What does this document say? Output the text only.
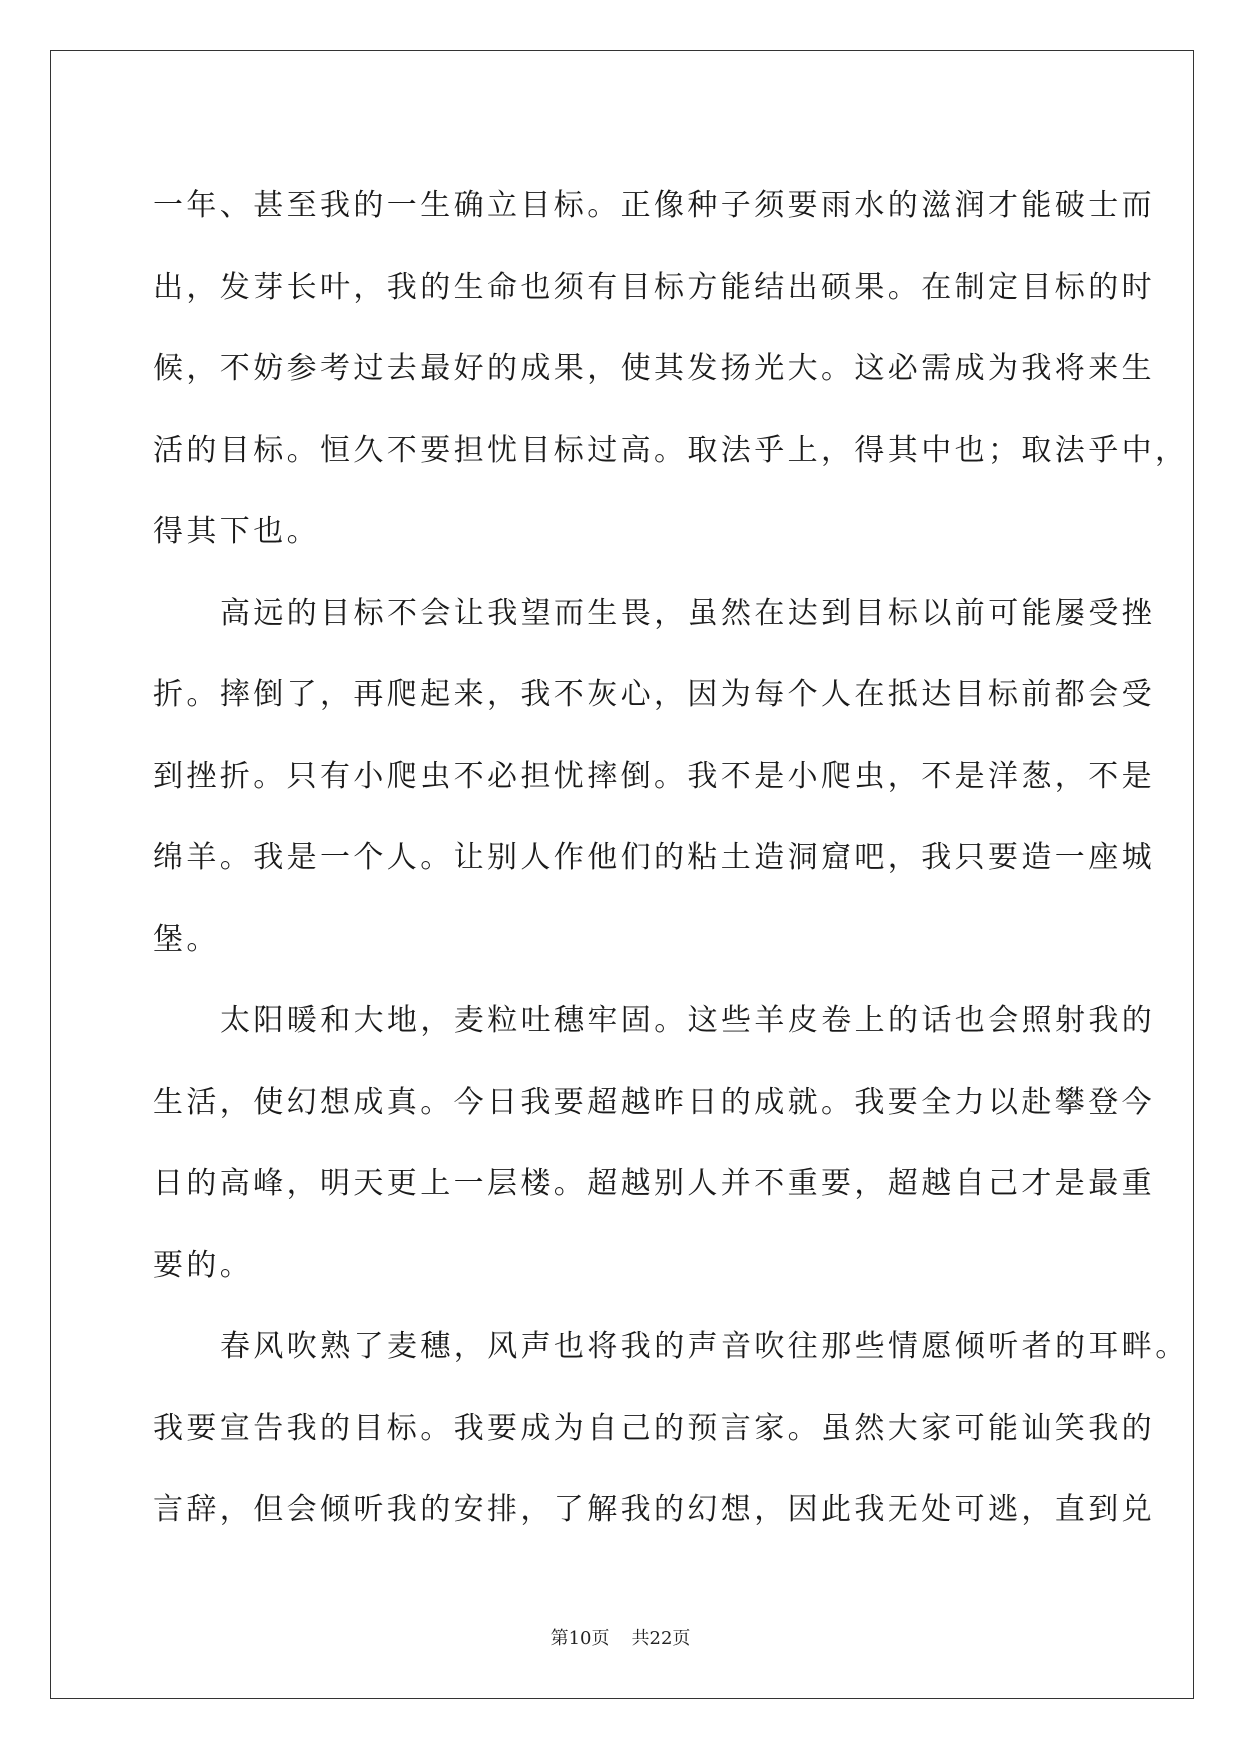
一年、甚至我的一生确立目标。正像种子须要雨水的滋润才能破士而
出，发芽长叶，我的生命也须有目标方能结出硕果。在制定目标的时
候，不妨参考过去最好的成果，使其发扬光大。这必需成为我将来生
活的目标。恒久不要担忧目标过高。取法乎上，得其中也；取法乎中，
得其下也。

高远的目标不会让我望而生畏，虽然在达到目标以前可能屡受挫
折。摔倒了，再爬起来，我不灰心，因为每个人在抵达目标前都会受
到挫折。只有小爬虫不必担忧摔倒。我不是小爬虫，不是洋葱，不是
绵羊。我是一个人。让别人作他们的粘土造洞窟吧，我只要造一座城
堡。

太阳暖和大地，麦粒吐穗牢固。这些羊皮卷上的话也会照射我的
生活，使幻想成真。今日我要超越昨日的成就。我要全力以赴攀登今
日的高峰，明天更上一层楼。超越别人并不重要，超越自己才是最重
要的。

春风吹熟了麦穗，风声也将我的声音吹往那些情愿倾听者的耳畔。
我要宣告我的目标。我要成为自己的预言家。虽然大家可能讪笑我的
言辞，但会倾听我的安排，了解我的幻想，因此我无处可逃，直到兑

第10页 共22页
